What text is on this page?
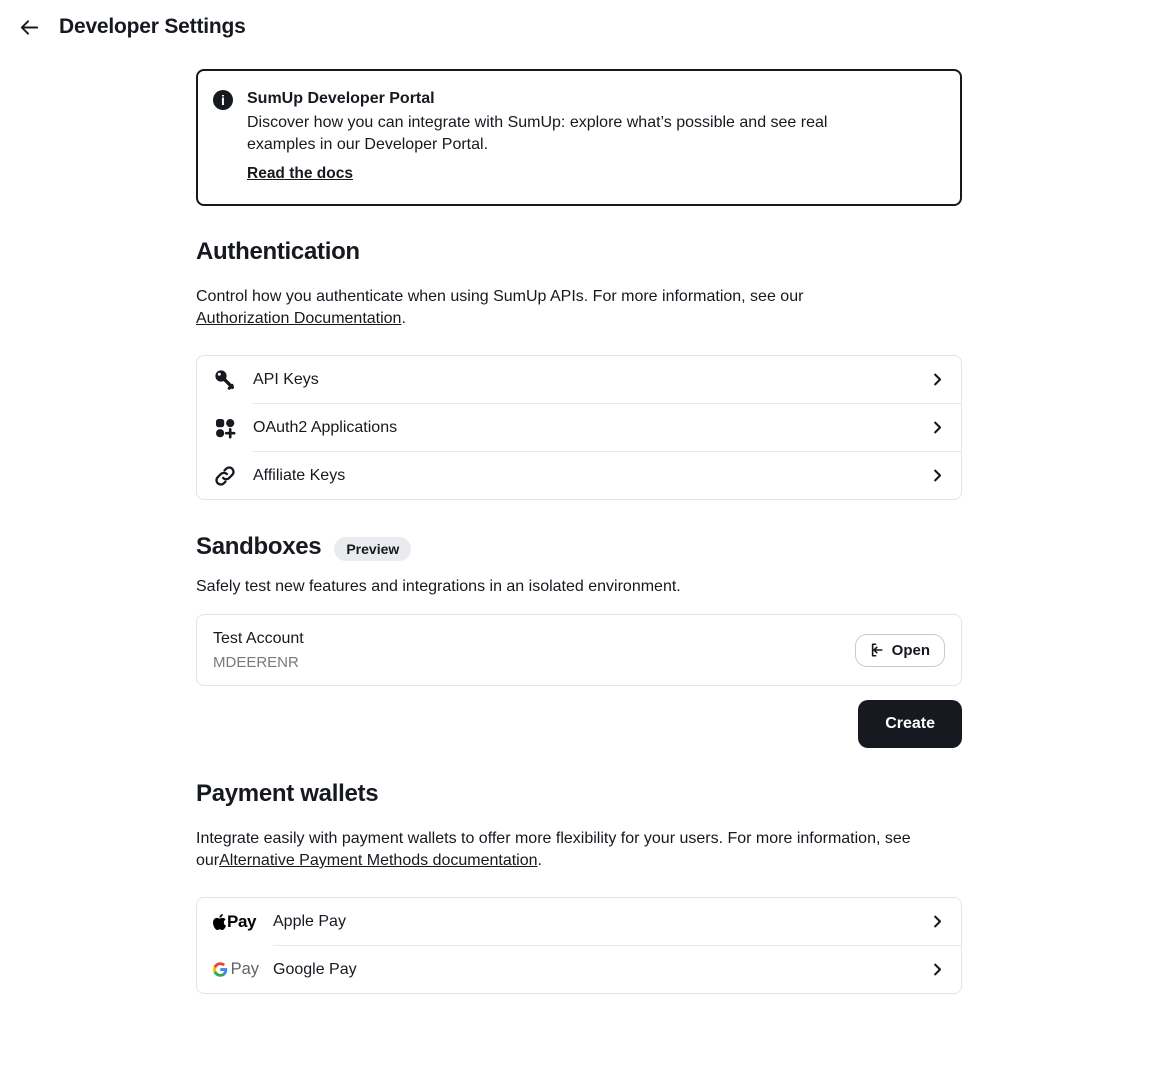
Developer Settings
i	SumUp Developer Portal

Discover how you can integrate with SumUp: explore what’s possible and see real examples in our Developer Portal.

Read the docs
Authentication

Control how you authenticate when using SumUp APIs. For more information, see our Authorization Documentation.

API Keys
OAuth2 Applications
Affiliate Keys
Sandboxes	Preview

Safely test new features and integrations in an isolated environment.

Test Account
MDEERENR
Open
Create
Payment wallets

Integrate easily with payment wallets to offer more flexibility for your users. For more information, see ourAlternative Payment Methods documentation.

Pay Apple Pay
Pay Google Pay
